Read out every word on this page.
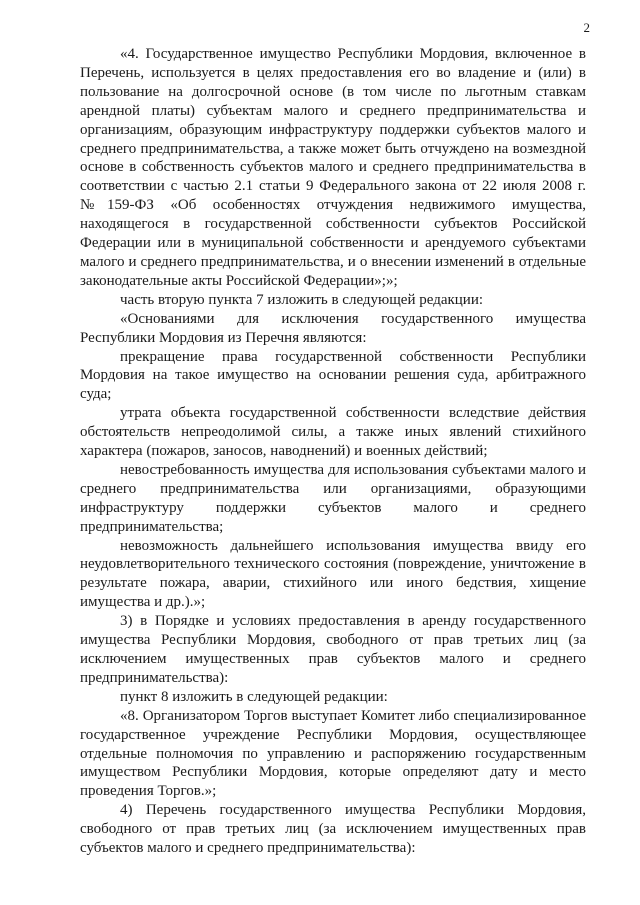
2

«4. Государственное имущество Республики Мордовия, включенное в Перечень, используется в целях предоставления его во владение и (или) в пользование на долгосрочной основе (в том числе по льготным ставкам арендной платы) субъектам малого и среднего предпринимательства и организациям, образующим инфраструктуру поддержки субъектов малого и среднего предпринимательства, а также может быть отчуждено на возмездной основе в собственность субъектов малого и среднего предпринимательства в соответствии с частью 2.1 статьи 9 Федерального закона от 22 июля 2008 г. №159-ФЗ «Об особенностях отчуждения недвижимого имущества, находящегося в государственной собственности субъектов Российской Федерации или в муниципальной собственности и арендуемого субъектами малого и среднего предпринимательства, и о внесении изменений в отдельные законодательные акты Российской Федерации»;»;

часть вторую пункта 7 изложить в следующей редакции:

«Основаниями для исключения государственного имущества Республики Мордовия из Перечня являются:

прекращение права государственной собственности Республики Мордовия на такое имущество на основании решения суда, арбитражного суда;

утрата объекта государственной собственности вследствие действия обстоятельств непреодолимой силы, а также иных явлений стихийного характера (пожаров, заносов, наводнений) и военных действий;

невостребованность имущества для использования субъектами малого и среднего предпринимательства или организациями, образующими инфраструктуру поддержки субъектов малого и среднего предпринимательства;

невозможность дальнейшего использования имущества ввиду его неудовлетворительного технического состояния (повреждение, уничтожение в результате пожара, аварии, стихийного или иного бедствия, хищение имущества и др.).»;

3) в Порядке и условиях предоставления в аренду государственного имущества Республики Мордовия, свободного от прав третьих лиц (за исключением имущественных прав субъектов малого и среднего предпринимательства):

пункт 8 изложить в следующей редакции:

«8. Организатором Торгов выступает Комитет либо специализированное государственное учреждение Республики Мордовия, осуществляющее отдельные полномочия по управлению и распоряжению государственным имуществом Республики Мордовия, которые определяют дату и место проведения Торгов.»;

4) Перечень государственного имущества Республики Мордовия, свободного от прав третьих лиц (за исключением имущественных прав субъектов малого и среднего предпринимательства):
